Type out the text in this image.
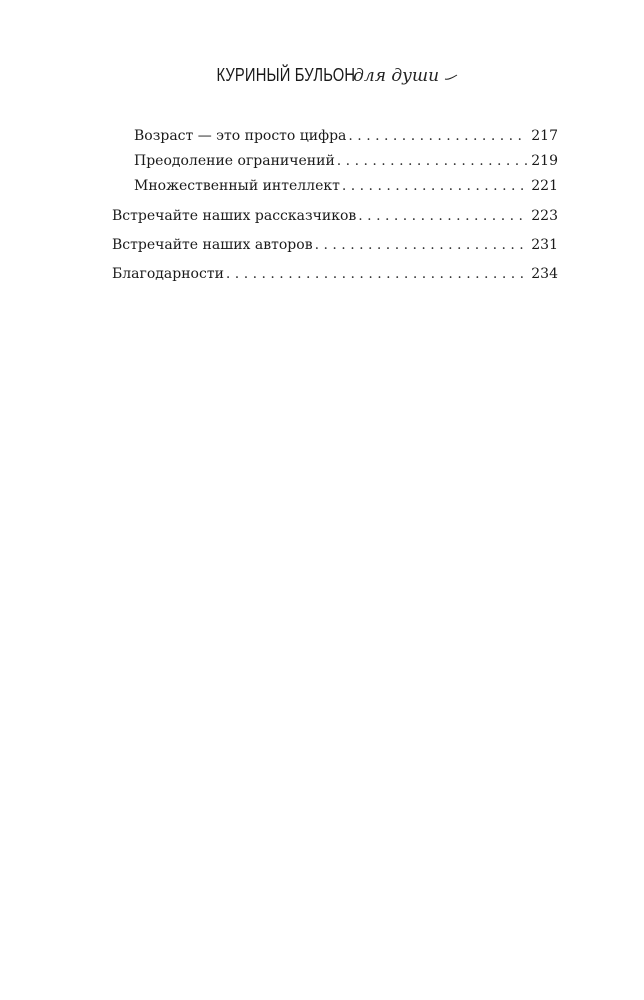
КУРИНЫЙ БУЛЬОН для души
Возраст — это просто цифра . . .	217
Преодоление ограничений . . .	219
Множественный интеллект . . .	221
Встречайте наших рассказчиков . . .	223
Встречайте наших авторов . . .	231
Благодарности . . .	234
